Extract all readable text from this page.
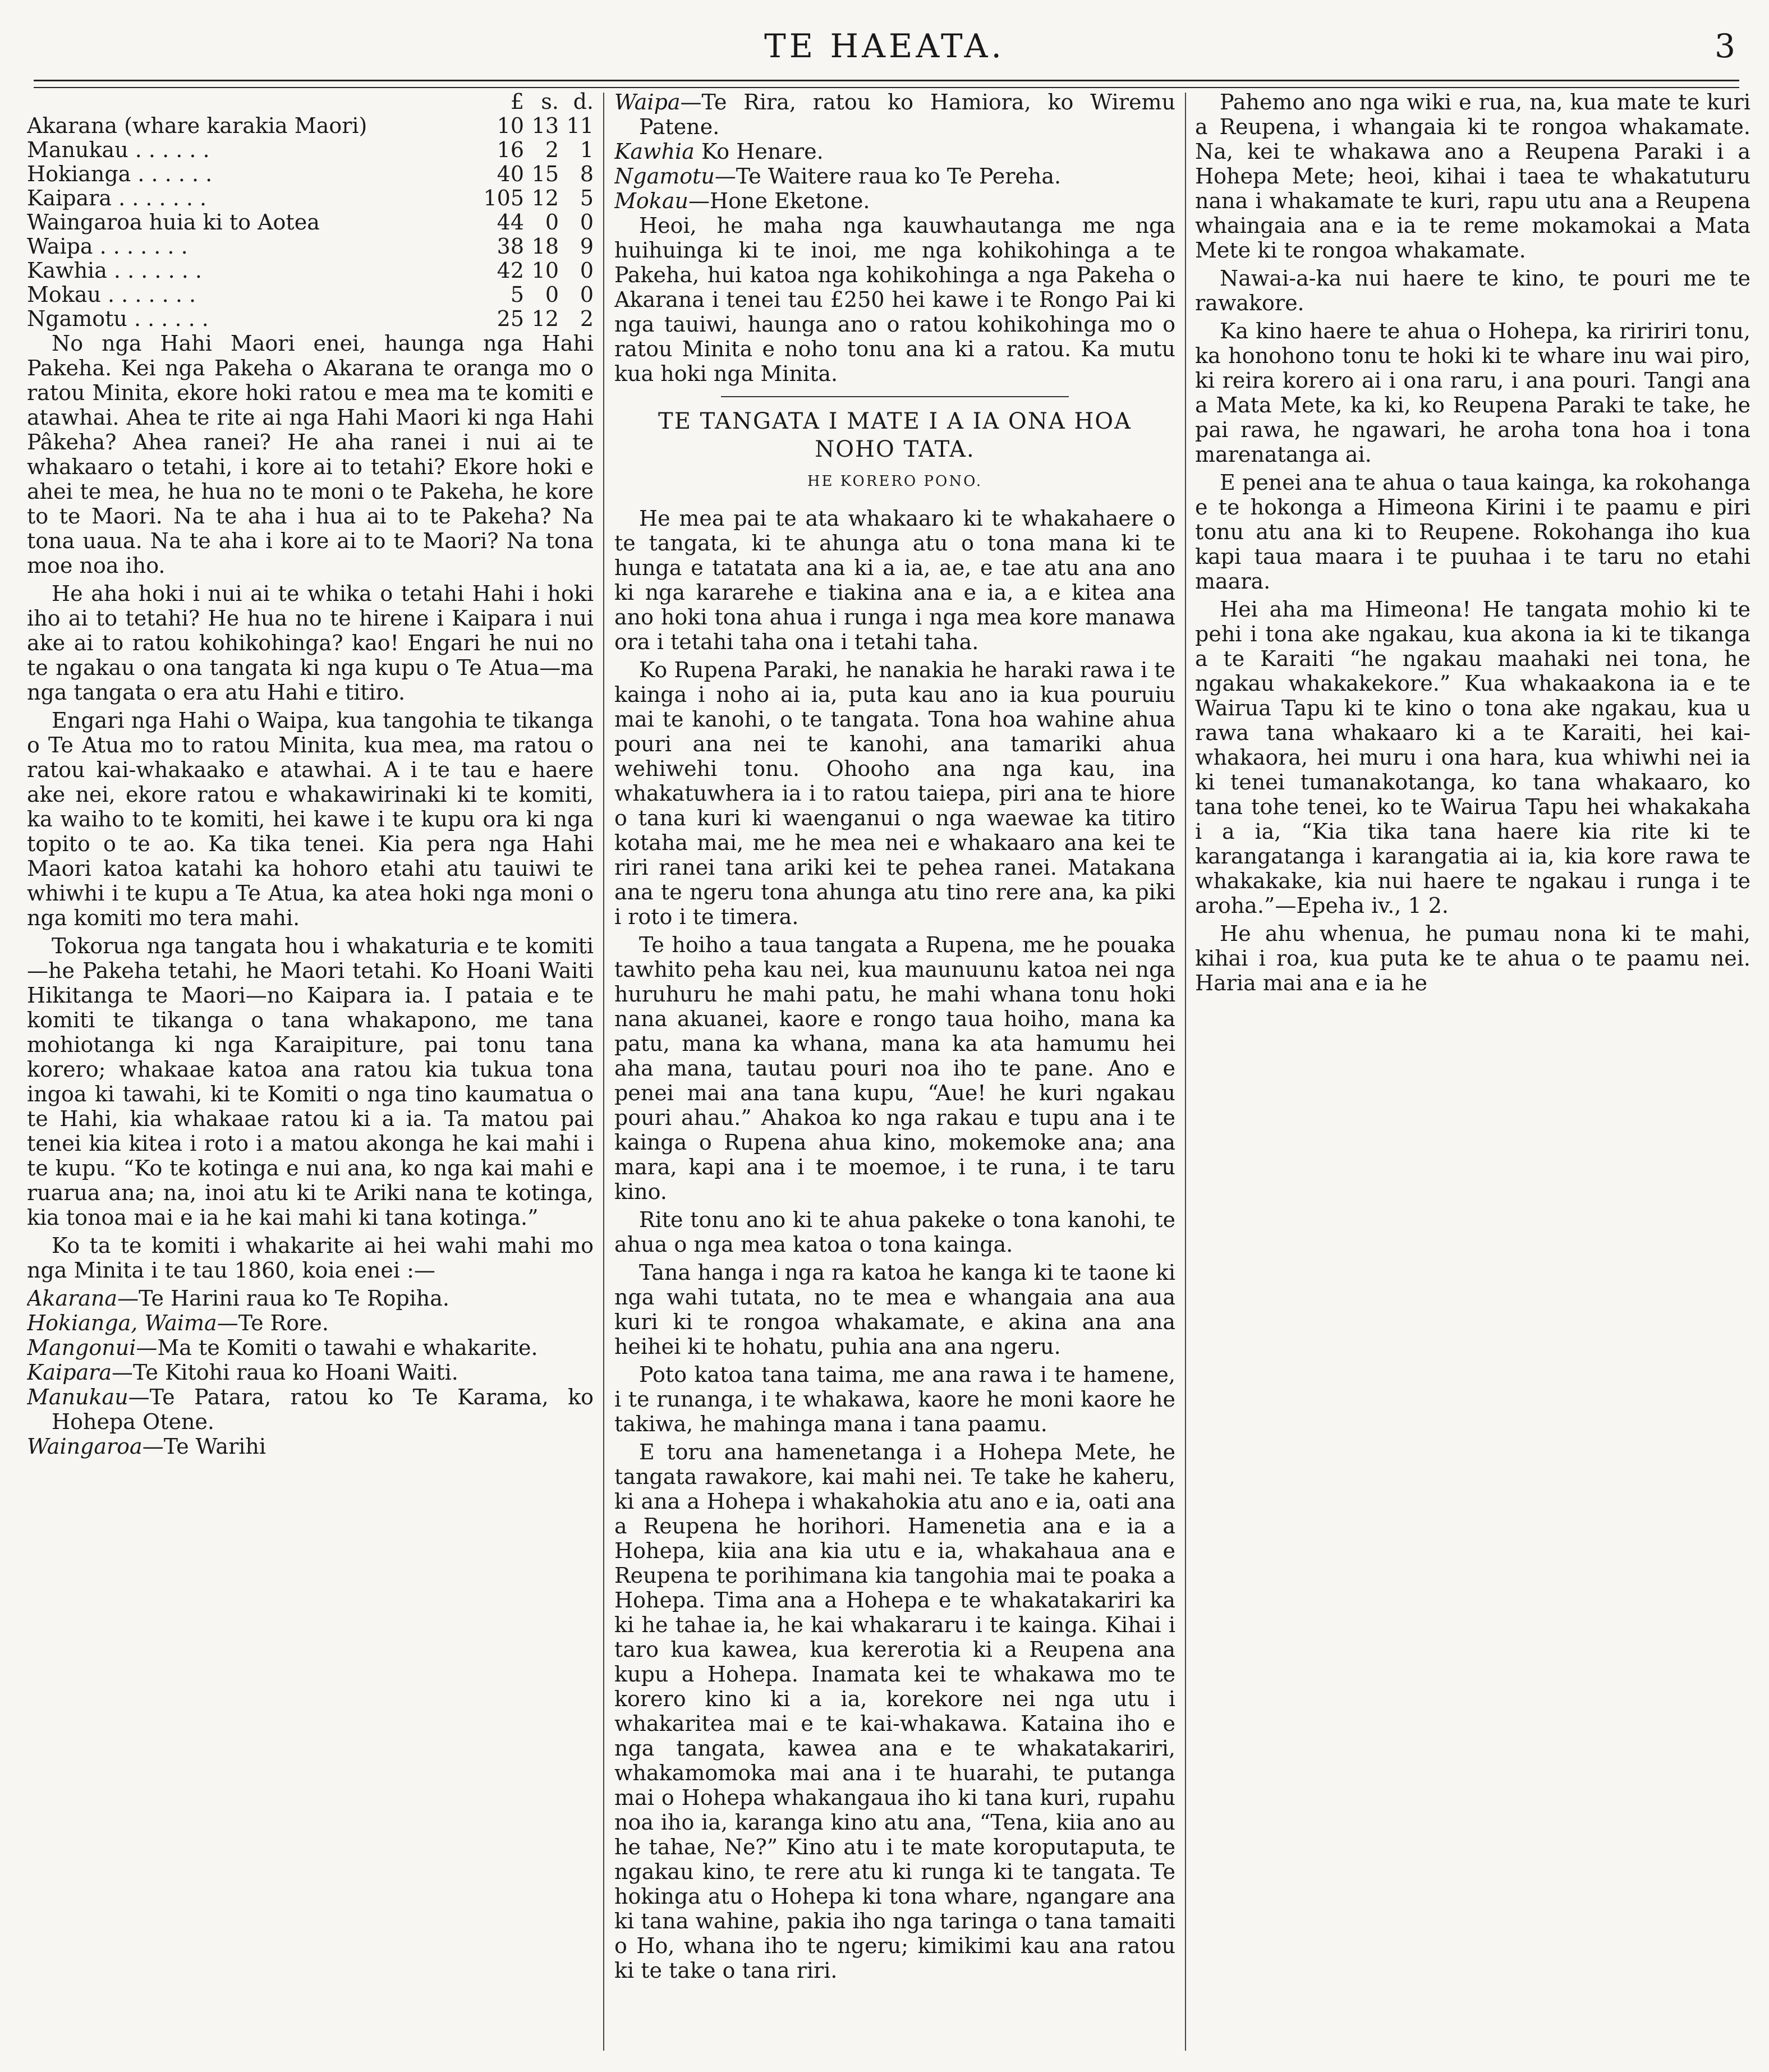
TE HAEATA.	3
	£	s.	d.
Akarana (whare karakia Maori)	10	13	11
Manukau . . . . . .	16	2	1
Hokianga . . . . . .	40	15	8
Kaipara . . . . . . .	105	12	5
Waingaroa huia ki to Aotea	44	0	0
Waipa . . . . . . .	38	18	9
Kawhia . . . . . . .	42	10	0
Mokau . . . . . . .	5	0	0
Ngamotu . . . . . .	25	12	2

No nga Hahi Maori enei, haunga nga Hahi Pakeha. Kei nga Pakeha o Akarana te oranga mo o ratou Minita, ekore hoki ratou e mea ma te komiti e atawhai. Ahea te rite ai nga Hahi Maori ki nga Hahi Pâkeha? Ahea ranei? He aha ranei i nui ai te whakaaro o tetahi, i kore ai to tetahi? Ekore hoki e ahei te mea, he hua no te moni o te Pakeha, he kore to te Maori. Na te aha i hua ai to te Pakeha? Na tona uaua. Na te aha i kore ai to te Maori? Na tona moe noa iho.

He aha hoki i nui ai te whika o tetahi Hahi i hoki iho ai to tetahi? He hua no te hirene i Kaipara i nui ake ai to ratou kohikohinga? kao! Engari he nui no te ngakau o ona tangata ki nga kupu o Te Atua—ma nga tangata o era atu Hahi e titiro.

Engari nga Hahi o Waipa, kua tangohia te tikanga o Te Atua mo to ratou Minita, kua mea, ma ratou o ratou kai-whakaako e atawhai. A i te tau e haere ake nei, ekore ratou e whakawirinaki ki te komiti, ka waiho to te komiti, hei kawe i te kupu ora ki nga topito o te ao. Ka tika tenei. Kia pera nga Hahi Maori katoa katahi ka hohoro etahi atu tauiwi te whiwhi i te kupu a Te Atua, ka atea hoki nga moni o nga komiti mo tera mahi.

Tokorua nga tangata hou i whakaturia e te komiti—he Pakeha tetahi, he Maori tetahi. Ko Hoani Waiti Hikitanga te Maori—no Kaipara ia. I pataia e te komiti te tikanga o tana whakapono, me tana mohiotanga ki nga Karaipiture, pai tonu tana korero; whakaae katoa ana ratou kia tukua tona ingoa ki tawahi, ki te Komiti o nga tino kaumatua o te Hahi, kia whakaae ratou ki a ia. Ta matou pai tenei kia kitea i roto i a matou akonga he kai mahi i te kupu. “Ko te kotinga e nui ana, ko nga kai mahi e ruarua ana; na, inoi atu ki te Ariki nana te kotinga, kia tonoa mai e ia he kai mahi ki tana kotinga.”

Ko ta te komiti i whakarite ai hei wahi mahi mo nga Minita i te tau 1860, koia enei :—

Akarana—Te Harini raua ko Te Ropiha.

Hokianga, Waima—Te Rore.

Mangonui—Ma te Komiti o tawahi e whakarite.

Kaipara—Te Kitohi raua ko Hoani Waiti.

Manukau—Te Patara, ratou ko Te Karama, ko Hohepa Otene.

Waingaroa—Te Warihi

Waipa—Te Rira, ratou ko Hamiora, ko Wiremu Patene.

Kawhia Ko Henare.

Ngamotu—Te Waitere raua ko Te Pereha.

Mokau—Hone Eketone.

Heoi, he maha nga kauwhautanga me nga huihuinga ki te inoi, me nga kohikohinga a te Pakeha, hui katoa nga kohikohinga a nga Pakeha o Akarana i tenei tau £250 hei kawe i te Rongo Pai ki nga tauiwi, haunga ano o ratou kohikohinga mo o ratou Minita e noho tonu ana ki a ratou. Ka mutu kua hoki nga Minita.

TE TANGATA I MATE I A IA ONA HOA NOHO TATA.
HE KORERO PONO.

He mea pai te ata whakaaro ki te whakahaere o te tangata, ki te ahunga atu o tona mana ki te hunga e tatatata ana ki a ia, ae, e tae atu ana ano ki nga kararehe e tiakina ana e ia, a e kitea ana ano hoki tona ahua i runga i nga mea kore manawa ora i tetahi taha ona i tetahi taha.

Ko Rupena Paraki, he nanakia he haraki rawa i te kainga i noho ai ia, puta kau ano ia kua pouruiu mai te kanohi, o te tangata. Tona hoa wahine ahua pouri ana nei te kanohi, ana tamariki ahua wehiwehi tonu. Ohooho ana nga kau, ina whakatuwhera ia i to ratou taiepa, piri ana te hiore o tana kuri ki waenganui o nga waewae ka titiro kotaha mai, me he mea nei e whakaaro ana kei te riri ranei tana ariki kei te pehea ranei. Matakana ana te ngeru tona ahunga atu tino rere ana, ka piki i roto i te timera.

Te hoiho a taua tangata a Rupena, me he pouaka tawhito peha kau nei, kua maunuunu katoa nei nga huruhuru he mahi patu, he mahi whana tonu hoki nana akuanei, kaore e rongo taua hoiho, mana ka patu, mana ka whana, mana ka ata hamumu hei aha mana, tautau pouri noa iho te pane. Ano e penei mai ana tana kupu, “Aue! he kuri ngakau pouri ahau.” Ahakoa ko nga rakau e tupu ana i te kainga o Rupena ahua kino, mokemoke ana; ana mara, kapi ana i te moemoe, i te runa, i te taru kino.

Rite tonu ano ki te ahua pakeke o tona kanohi, te ahua o nga mea katoa o tona kainga.

Tana hanga i nga ra katoa he kanga ki te taone ki nga wahi tutata, no te mea e whangaia ana aua kuri ki te rongoa whakamate, e akina ana ana heihei ki te hohatu, puhia ana ana ngeru.

Poto katoa tana taima, me ana rawa i te hamene, i te runanga, i te whakawa, kaore he moni kaore he takiwa, he mahinga mana i tana paamu.

E toru ana hamenetanga i a Hohepa Mete, he tangata rawakore, kai mahi nei. Te take he kaheru, ki ana a Hohepa i whakahokia atu ano e ia, oati ana a Reupena he horihori. Hamenetia ana e ia a Hohepa, kiia ana kia utu e ia, whakahaua ana e Reupena te porihimana kia tangohia mai te poaka a Hohepa. Tima ana a Hohepa e te whakatakariri ka ki he tahae ia, he kai whakararu i te kainga. Kihai i taro kua kawea, kua kererotia ki a Reupena ana kupu a Hohepa. Inamata kei te whakawa mo te korero kino ki a ia, korekore nei nga utu i whakaritea mai e te kai-whakawa. Kataina iho e nga tangata, kawea ana e te whakatakariri, whakamomoka mai ana i te huarahi, te putanga mai o Hohepa whakangaua iho ki tana kuri, rupahu noa iho ia, karanga kino atu ana, “Tena, kiia ano au he tahae, Ne?” Kino atu i te mate koroputaputa, te ngakau kino, te rere atu ki runga ki te tangata. Te hokinga atu o Hohepa ki tona whare, ngangare ana ki tana wahine, pakia iho nga taringa o tana tamaiti o Ho, whana iho te ngeru; kimikimi kau ana ratou ki te take o tana riri.

Pahemo ano nga wiki e rua, na, kua mate te kuri a Reupena, i whangaia ki te rongoa whakamate. Na, kei te whakawa ano a Reupena Paraki i a Hohepa Mete; heoi, kihai i taea te whakatuturu nana i whakamate te kuri, rapu utu ana a Reupena whaingaia ana e ia te reme mokamokai a Mata Mete ki te rongoa whakamate.

Nawai-a-ka nui haere te kino, te pouri me te rawakore.

Ka kino haere te ahua o Hohepa, ka riririri tonu, ka honohono tonu te hoki ki te whare inu wai piro, ki reira korero ai i ona raru, i ana pouri. Tangi ana a Mata Mete, ka ki, ko Reupena Paraki te take, he pai rawa, he ngawari, he aroha tona hoa i tona marenatanga ai.

E penei ana te ahua o taua kainga, ka rokohanga e te hokonga a Himeona Kirini i te paamu e piri tonu atu ana ki to Reupene. Rokohanga iho kua kapi taua maara i te puuhaa i te taru no etahi maara.

Hei aha ma Himeona! He tangata mohio ki te pehi i tona ake ngakau, kua akona ia ki te tikanga a te Karaiti “he ngakau maahaki nei tona, he ngakau whakakekore.” Kua whakaakona ia e te Wairua Tapu ki te kino o tona ake ngakau, kua u rawa tana whakaaro ki a te Karaiti, hei kai-whakaora, hei muru i ona hara, kua whiwhi nei ia ki tenei tumanakotanga, ko tana whakaaro, ko tana tohe tenei, ko te Wairua Tapu hei whakakaha i a ia, “Kia tika tana haere kia rite ki te karangatanga i karangatia ai ia, kia kore rawa te whakakake, kia nui haere te ngakau i runga i te aroha.”—Epeha iv., 1 2.

He ahu whenua, he pumau nona ki te mahi, kihai i roa, kua puta ke te ahua o te paamu nei. Haria mai ana e ia he
